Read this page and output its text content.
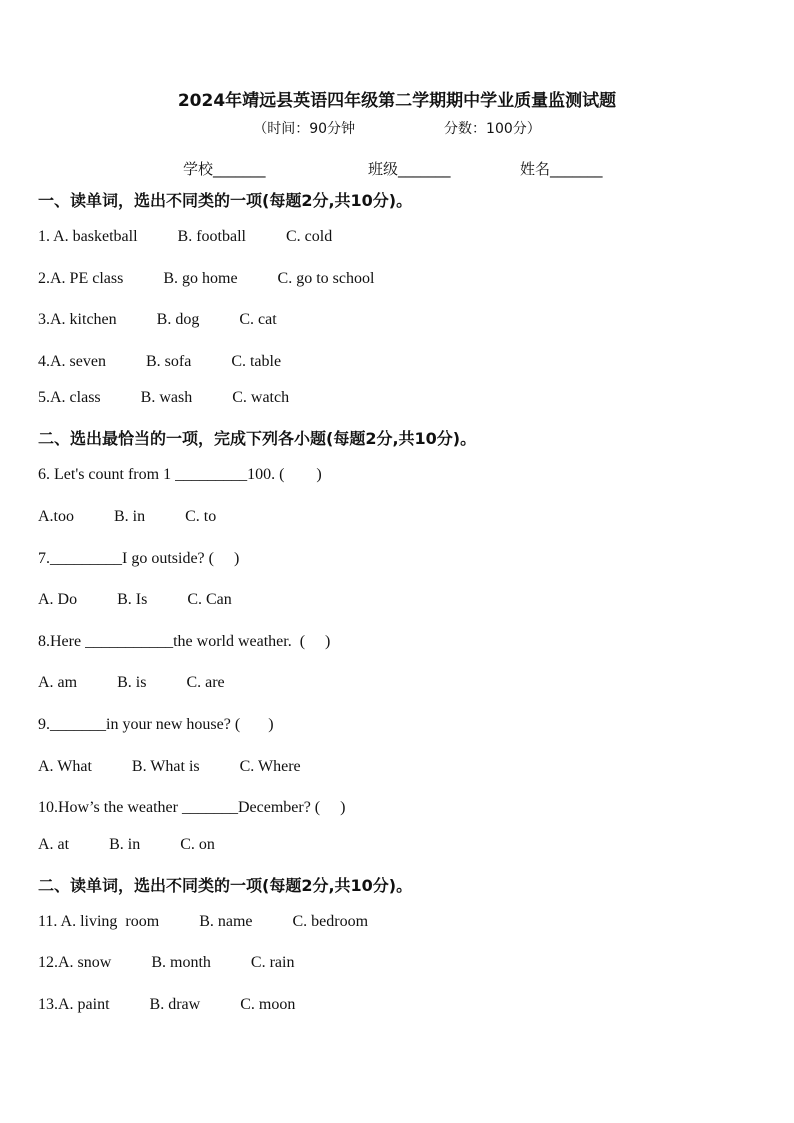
2024年靖远县英语四年级第二学期期中学业质量监测试题
（时间：90分钟                    分数：100分）
学校_______	班级_______	姓名_______
一、读单词，选出不同类的一项(每题2分,共10分)。
1. A. basketball          B. football          C. cold
2.A. PE class          B. go home          C. go to school
3.A. kitchen          B. dog          C. cat
4.A. seven          B. sofa          C. table
5.A. class          B. wash          C. watch
二、选出最恰当的一项，完成下列各小题(每题2分,共10分)。
6. Let's count from 1 _________100. (        )
A.too          B. in          C. to
7._________I go outside? (     )
A. Do          B. Is          C. Can
8.Here ___________the world weather.  (     )
A. am          B. is          C. are
9._______in your new house? (       )
A. What          B. What is          C. Where
10.How’s the weather _______December? (     )
A. at          B. in          C. on
二、读单词，选出不同类的一项(每题2分,共10分)。
11. A. living  room          B. name          C. bedroom
12.A. snow          B. month          C. rain
13.A. paint          B. draw          C. moon
